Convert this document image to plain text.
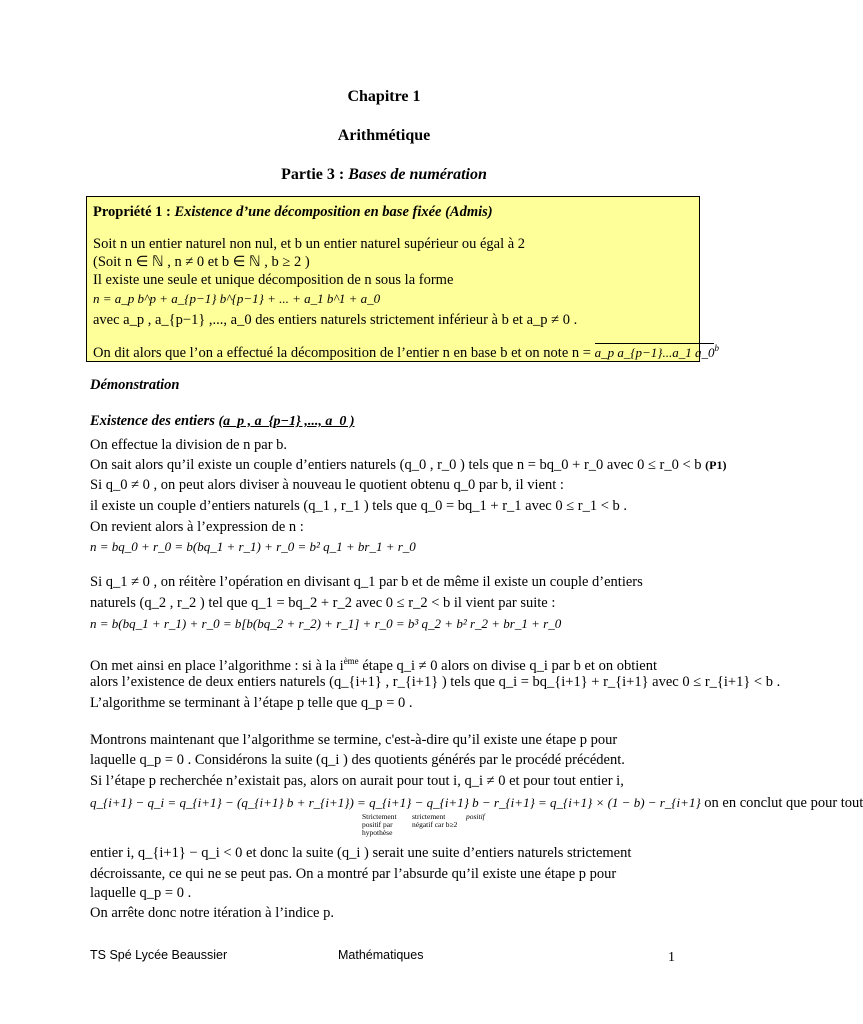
Chapitre 1
Arithmétique
Partie 3 : Bases de numération
Propriété 1 : Existence d’une décomposition en base fixée (Admis)
Soit n un entier naturel non nul, et b un entier naturel supérieur ou égal à 2
(Soit n ∈ ℕ , n ≠ 0 et b ∈ ℕ , b ≥ 2 )
Il existe une seule et unique décomposition de n sous la forme
n = a_p b^p + a_{p−1} b^{p−1} + ... + a_1 b^1 + a_0
avec a_p , a_{p−1} ,..., a_0 des entiers naturels strictement inférieur à b et a_p ≠ 0 .
On dit alors que l’on a effectué la décomposition de l’entier n en base b et on note n = a_p a_{p−1}...a_1 a_0$^b$
Démonstration
Existence des entiers (a_p , a_{p−1} ,..., a_0 )
On effectue la division de n par b.
On sait alors qu’il existe un couple d’entiers naturels (q_0 , r_0 ) tels que n = bq_0 + r_0 avec 0 ≤ r_0 < b (P1)
Si q_0 ≠ 0 , on peut alors diviser à nouveau le quotient obtenu q_0 par b, il vient :
il existe un couple d’entiers naturels (q_1 , r_1 ) tels que q_0 = bq_1 + r_1 avec 0 ≤ r_1 < b .
On revient alors à l’expression de n :
n = bq_0 + r_0 = b(bq_1 + r_1) + r_0 = b² q_1 + br_1 + r_0
Si q_1 ≠ 0 , on réitère l’opération en divisant q_1 par b et de même il existe un couple d’entiers
naturels (q_2 , r_2 ) tel que q_1 = bq_2 + r_2 avec 0 ≤ r_2 < b il vient par suite :
n = b(bq_1 + r_1) + r_0 = b[b(bq_2 + r_2) + r_1] + r_0 = b³ q_2 + b² r_2 + br_1 + r_0
On met ainsi en place l’algorithme : si à la $i^{ème}$ étape q_i ≠ 0 alors on divise q_i par b et on obtient
alors l’existence de deux entiers naturels (q_{i+1} , r_{i+1} ) tels que q_i = bq_{i+1} + r_{i+1} avec 0 ≤ r_{i+1} < b .
L’algorithme se terminant à l’étape p telle que q_p = 0 .
Montrons maintenant que l’algorithme se termine, c'est-à-dire qu’il existe une étape p pour
laquelle q_p = 0 . Considérons la suite (q_i ) des quotients générés par le procédé précédent.
Si l’étape p recherchée n’existait pas, alors on aurait pour tout i, q_i ≠ 0 et pour tout entier i,
q_{i+1} − q_i = q_{i+1} − (q_{i+1} b + r_{i+1}) = q_{i+1} − q_{i+1} b − r_{i+1} = q_{i+1} × (1 − b) − r_{i+1} on en conclut que pour tout
Strictement positif par hypothèse
strictement négatif car b≥2
positif
entier i, q_{i+1} − q_i < 0 et donc la suite (q_i ) serait une suite d’entiers naturels strictement
décroissante, ce qui ne se peut pas. On a montré par l’absurde qu’il existe une étape p pour
laquelle q_p = 0 .
On arrête donc notre itération à l’indice p.
TS Spé Lycée Beaussier	Mathématiques	1
